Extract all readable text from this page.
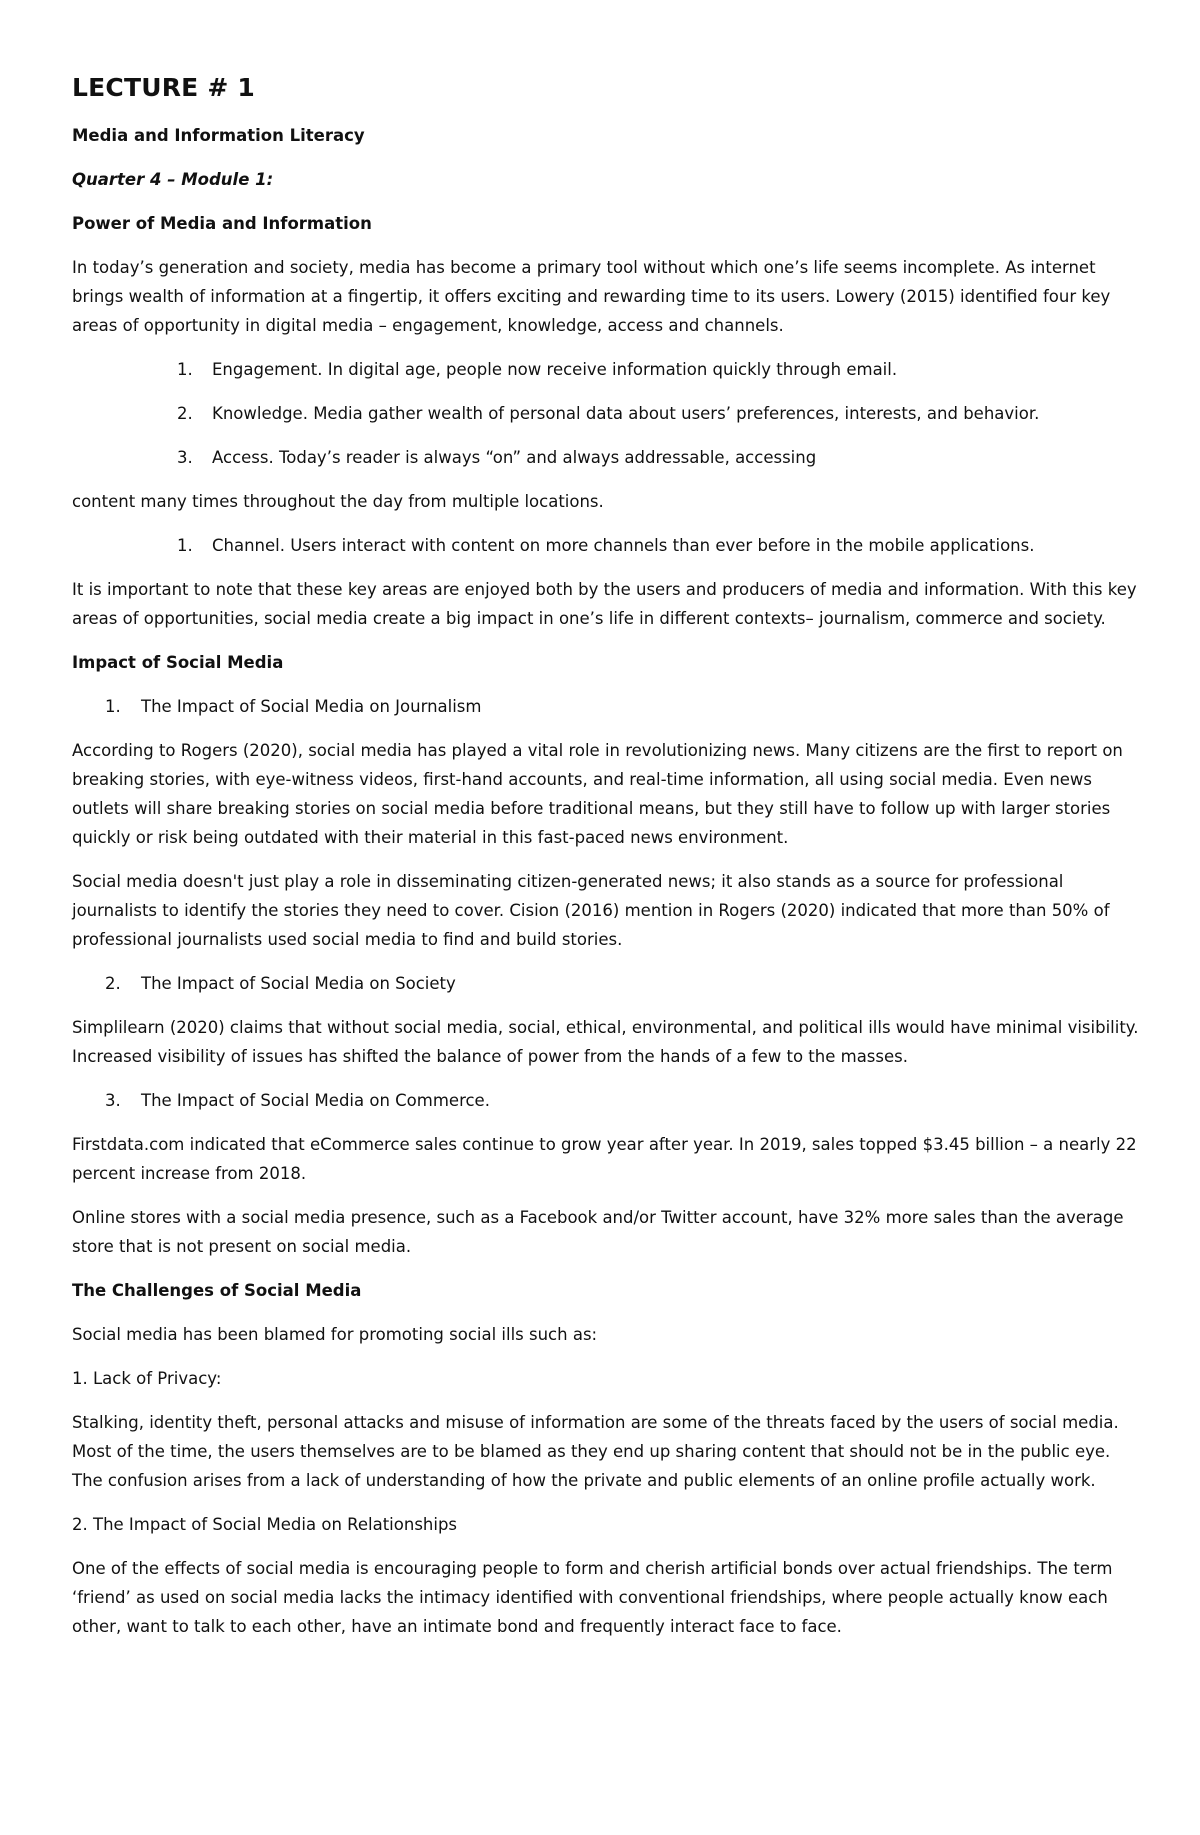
LECTURE # 1
Media and Information Literacy
Quarter 4 – Module 1:
Power of Media and Information
In today’s generation and society, media has become a primary tool without which one’s life seems incomplete. As internet brings wealth of information at a fingertip, it offers exciting and rewarding time to its users. Lowery (2015) identified four key areas of opportunity in digital media – engagement, knowledge, access and channels.
1. Engagement. In digital age, people now receive information quickly through email.
2. Knowledge. Media gather wealth of personal data about users’ preferences, interests, and behavior.
3. Access. Today’s reader is always “on” and always addressable, accessing
content many times throughout the day from multiple locations.
1. Channel. Users interact with content on more channels than ever before in the mobile applications.
It is important to note that these key areas are enjoyed both by the users and producers of media and information. With this key areas of opportunities, social media create a big impact in one’s life in different contexts– journalism, commerce and society.
Impact of Social Media
1. The Impact of Social Media on Journalism
According to Rogers (2020), social media has played a vital role in revolutionizing news. Many citizens are the first to report on breaking stories, with eye-witness videos, first-hand accounts, and real-time information, all using social media. Even news outlets will share breaking stories on social media before traditional means, but they still have to follow up with larger stories quickly or risk being outdated with their material in this fast-paced news environment.
Social media doesn't just play a role in disseminating citizen-generated news; it also stands as a source for professional journalists to identify the stories they need to cover. Cision (2016) mention in Rogers (2020) indicated that more than 50% of professional journalists used social media to find and build stories.
2. The Impact of Social Media on Society
Simplilearn (2020) claims that without social media, social, ethical, environmental, and political ills would have minimal visibility. Increased visibility of issues has shifted the balance of power from the hands of a few to the masses.
3. The Impact of Social Media on Commerce.
Firstdata.com indicated that eCommerce sales continue to grow year after year. In 2019, sales topped $3.45 billion – a nearly 22 percent increase from 2018.
Online stores with a social media presence, such as a Facebook and/or Twitter account, have 32% more sales than the average store that is not present on social media.
The Challenges of Social Media
Social media has been blamed for promoting social ills such as:
1. Lack of Privacy:
Stalking, identity theft, personal attacks and misuse of information are some of the threats faced by the users of social media. Most of the time, the users themselves are to be blamed as they end up sharing content that should not be in the public eye. The confusion arises from a lack of understanding of how the private and public elements of an online profile actually work.
2. The Impact of Social Media on Relationships
One of the effects of social media is encouraging people to form and cherish artificial bonds over actual friendships. The term ‘friend’ as used on social media lacks the intimacy identified with conventional friendships, where people actually know each other, want to talk to each other, have an intimate bond and frequently interact face to face.
